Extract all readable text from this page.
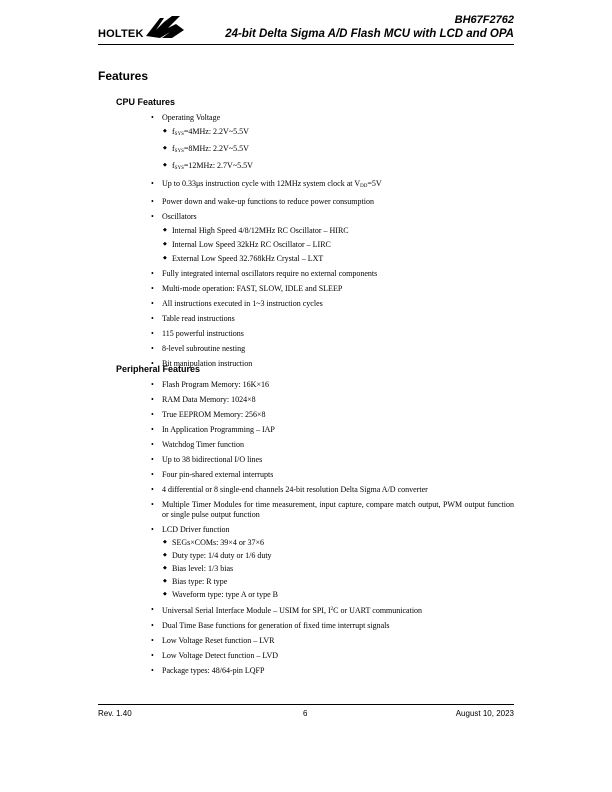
HOLTEK
BH67F2762
24-bit Delta Sigma A/D Flash MCU with LCD and OPA
Features
CPU Features
• Operating Voltage
◆ $f_{SYS}=4MHz$: 2.2V~5.5V
◆ $f_{SYS}=8MHz$: 2.2V~5.5V
◆ $f_{SYS}=12MHz$: 2.7V~5.5V
• Up to 0.33μs instruction cycle with 12MHz system clock at $V_{DD}=5V$
• Power down and wake-up functions to reduce power consumption
• Oscillators
◆ Internal High Speed 4/8/12MHz RC Oscillator – HIRC
◆ Internal Low Speed 32kHz RC Oscillator – LIRC
◆ External Low Speed 32.768kHz Crystal – LXT
• Fully integrated internal oscillators require no external components
• Multi-mode operation: FAST, SLOW, IDLE and SLEEP
• All instructions executed in 1~3 instruction cycles
• Table read instructions
• 115 powerful instructions
• 8-level subroutine nesting
• Bit manipulation instruction
Peripheral Features
• Flash Program Memory: 16K×16
• RAM Data Memory: 1024×8
• True EEPROM Memory: 256×8
• In Application Programming – IAP
• Watchdog Timer function
• Up to 38 bidirectional I/O lines
• Four pin-shared external interrupts
• 4 differential or 8 single-end channels 24-bit resolution Delta Sigma A/D converter
• Multiple Timer Modules for time measurement, input capture, compare match output, PWM output function or single pulse output function
• LCD Driver function
◆ SEGs×COMs: 39×4 or 37×6
◆ Duty type: 1/4 duty or 1/6 duty
◆ Bias level: 1/3 bias
◆ Bias type: R type
◆ Waveform type: type A or type B
• Universal Serial Interface Module – USIM for SPI, $I^2C$ or UART communication
• Dual Time Base functions for generation of fixed time interrupt signals
• Low Voltage Reset function – LVR
• Low Voltage Detect function – LVD
• Package types: 48/64-pin LQFP
Rev. 1.40	6	August 10, 2023
